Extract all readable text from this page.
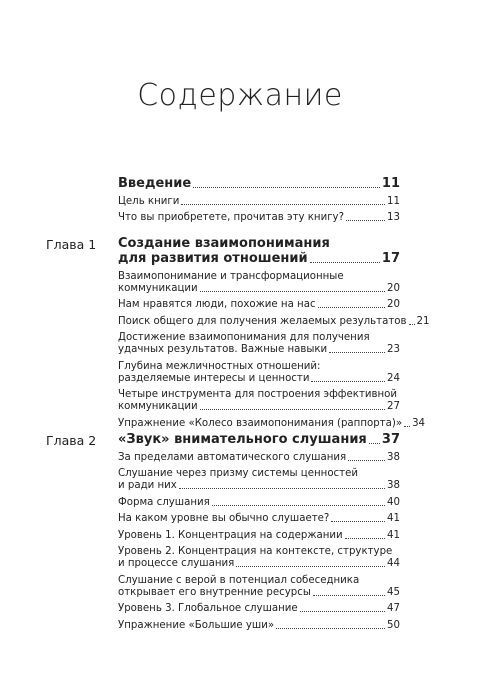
Содержание
Введение	11
Цель книги	11
Что вы приобретете, прочитав эту книгу?	13
Глава 1 Создание взаимопонимания
для развития отношений	17
Взаимопонимание и трансформационные
коммуникации	20
Нам нравятся люди, похожие на нас	20
Поиск общего для получения желаемых результатов 21
Достижение взаимопонимания для получения
удачных результатов. Важные навыки	23
Глубина межличностных отношений:
разделяемые интересы и ценности	24
Четыре инструмента для построения эффективной
коммуникации	27
Упражнение «Колесо взаимопонимания (раппорта)» 34
Глава 2 «Звук» внимательного слушания 37
За пределами автоматического слушания	38
Слушание через призму системы ценностей
и ради них	38
Форма слушания	40
На каком уровне вы обычно слушаете?	41
Уровень 1. Концентрация на содержании	41
Уровень 2. Концентрация на контексте, структуре
и процессе слушания	44
Слушание с верой в потенциал собеседника
открывает его внутренние ресурсы	45
Уровень 3. Глобальное слушание	47
Упражнение «Большие уши»	50
